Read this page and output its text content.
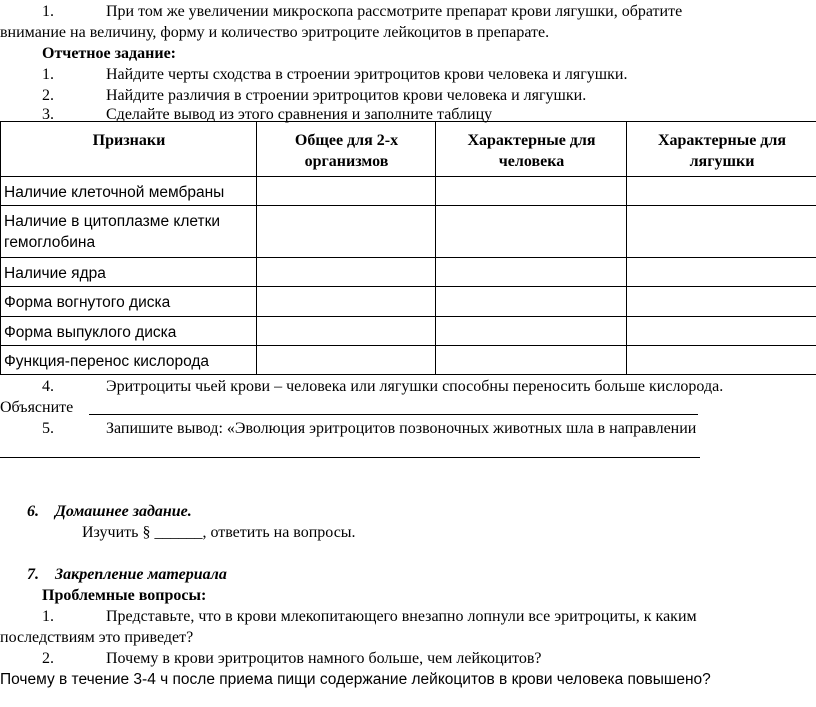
1.	При том же увеличении микроскопа рассмотрите препарат крови лягушки, обратите
внимание на величину, форму и количество эритроците лейкоцитов в препарате.
Отчетное задание:
1.	Найдите черты сходства в строении эритроцитов крови человека и лягушки.
2.	Найдите различия в строении эритроцитов крови человека и лягушки.
3.	Сделайте вывод из этого сравнения и заполните таблицу
Признаки	Общее для 2-х организмов	Характерные для человека	Характерные для лягушки
Наличие клеточной мембраны			
Наличие в цитоплазме клетки гемоглобина			
Наличие ядра			
Форма вогнутого диска			
Форма выпуклого диска			
Функция-перенос кислорода			
4.	Эритроциты чьей крови – человека или лягушки способны переносить больше кислорода.
Объясните
5.	Запишите вывод: «Эволюция эритроцитов позвоночных животных шла в направлении
6. Домашнее задание.
Изучить § ______, ответить на вопросы.
7. Закрепление материала
Проблемные вопросы:
1.	Представьте, что в крови млекопитающего внезапно лопнули все эритроциты, к каким
последствиям это приведет?
2.	Почему в крови эритроцитов намного больше, чем лейкоцитов?
Почему в течение 3-4 ч после приема пищи содержание лейкоцитов в крови человека повышено?
